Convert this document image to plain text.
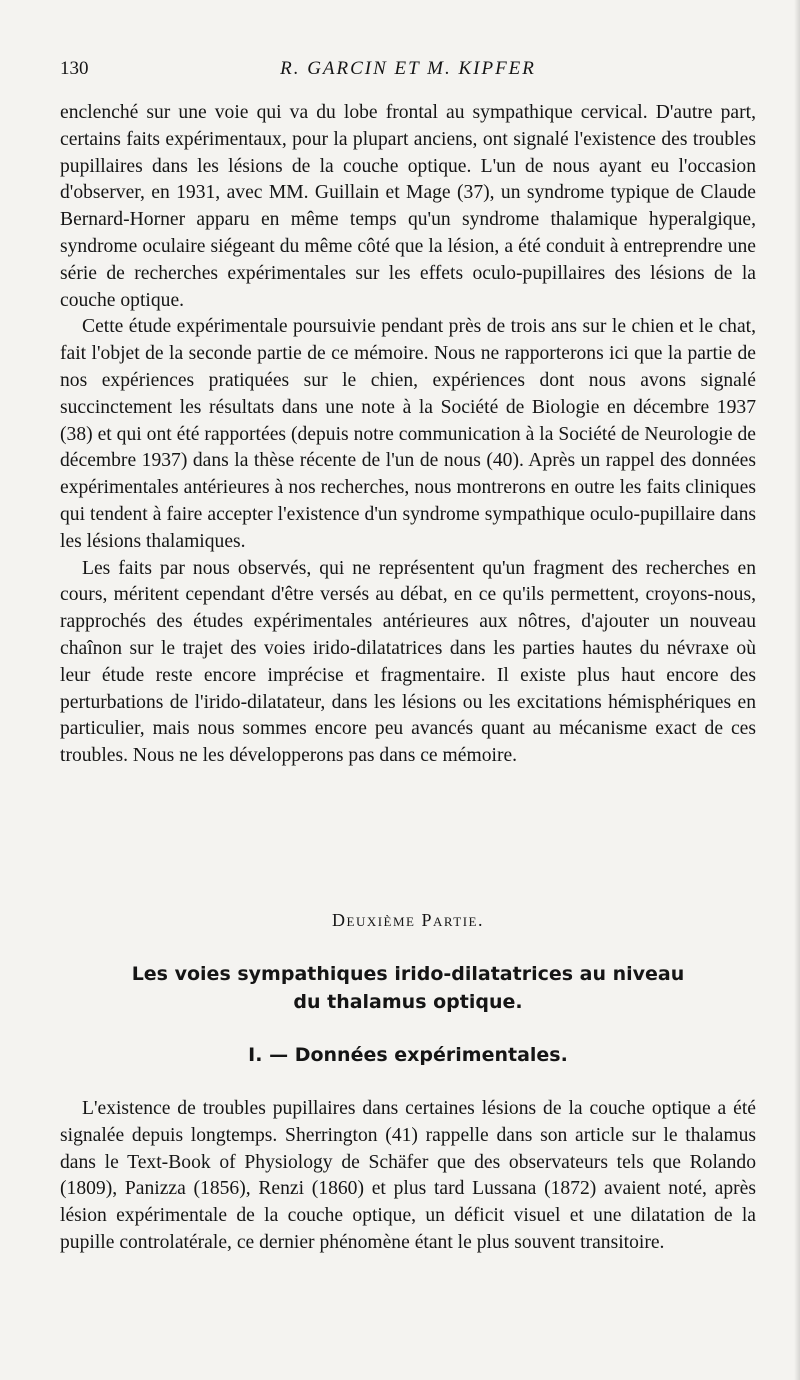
130	R. GARCIN ET M. KIPFER

enclenché sur une voie qui va du lobe frontal au sympathique cervical. D'autre part, certains faits expérimentaux, pour la plupart anciens, ont signalé l'existence des troubles pupillaires dans les lésions de la couche optique. L'un de nous ayant eu l'occasion d'observer, en 1931, avec MM. Guillain et Mage (37), un syndrome typique de Claude Bernard-Horner apparu en même temps qu'un syndrome thalamique hyperalgique, syndrome oculaire siégeant du même côté que la lésion, a été conduit à entreprendre une série de recherches expérimentales sur les effets oculo-pupillaires des lésions de la couche optique.

Cette étude expérimentale poursuivie pendant près de trois ans sur le chien et le chat, fait l'objet de la seconde partie de ce mémoire. Nous ne rapporterons ici que la partie de nos expériences pratiquées sur le chien, expériences dont nous avons signalé succinctement les résultats dans une note à la Société de Biologie en décembre 1937 (38) et qui ont été rapportées (depuis notre communication à la Société de Neurologie de décembre 1937) dans la thèse récente de l'un de nous (40). Après un rappel des données expérimentales antérieures à nos recherches, nous montrerons en outre les faits cliniques qui tendent à faire accepter l'existence d'un syndrome sympathique oculo-pupillaire dans les lésions thalamiques.

Les faits par nous observés, qui ne représentent qu'un fragment des recherches en cours, méritent cependant d'être versés au débat, en ce qu'ils permettent, croyons-nous, rapprochés des études expérimentales antérieures aux nôtres, d'ajouter un nouveau chaînon sur le trajet des voies irido-dilatatrices dans les parties hautes du névraxe où leur étude reste encore imprécise et fragmentaire. Il existe plus haut encore des perturbations de l'irido-dilatateur, dans les lésions ou les excitations hémisphériques en particulier, mais nous sommes encore peu avancés quant au mécanisme exact de ces troubles. Nous ne les développerons pas dans ce mémoire.

Deuxième Partie.
Les voies sympathiques irido-dilatatrices au niveau
du thalamus optique.
I. — Données expérimentales.

L'existence de troubles pupillaires dans certaines lésions de la couche optique a été signalée depuis longtemps. Sherrington (41) rappelle dans son article sur le thalamus dans le Text-Book of Physiology de Schäfer que des observateurs tels que Rolando (1809), Panizza (1856), Renzi (1860) et plus tard Lussana (1872) avaient noté, après lésion expérimentale de la couche optique, un déficit visuel et une dilatation de la pupille controlatérale, ce dernier phénomène étant le plus souvent transitoire.
